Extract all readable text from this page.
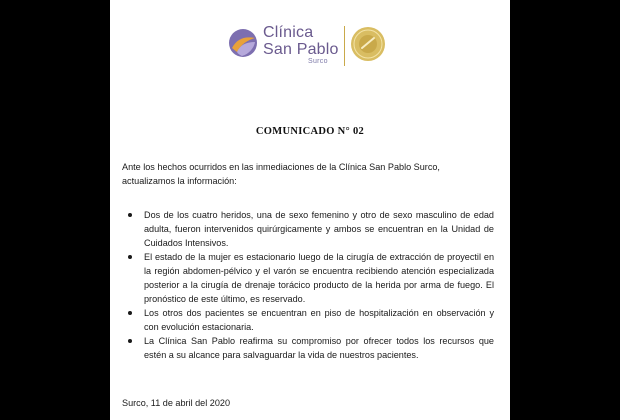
Clínica
San Pablo
Surco
COMUNICADO N° 02
Ante los hechos ocurridos en las inmediaciones de la Clínica San Pablo Surco, actualizamos la información:
Dos de los cuatro heridos, una de sexo femenino y otro de sexo masculino de edad adulta, fueron intervenidos quirúrgicamente y ambos se encuentran en la Unidad de Cuidados Intensivos.
El estado de la mujer es estacionario luego de la cirugía de extracción de proyectil en la región abdomen-pélvico y el varón se encuentra recibiendo atención especializada posterior a la cirugía de drenaje torácico producto de la herida por arma de fuego. El pronóstico de este último, es reservado.
Los otros dos pacientes se encuentran en piso de hospitalización en observación y con evolución estacionaria.
La Clínica San Pablo reafirma su compromiso por ofrecer todos los recursos que estén a su alcance para salvaguardar la vida de nuestros pacientes.
Surco, 11 de abril del 2020
